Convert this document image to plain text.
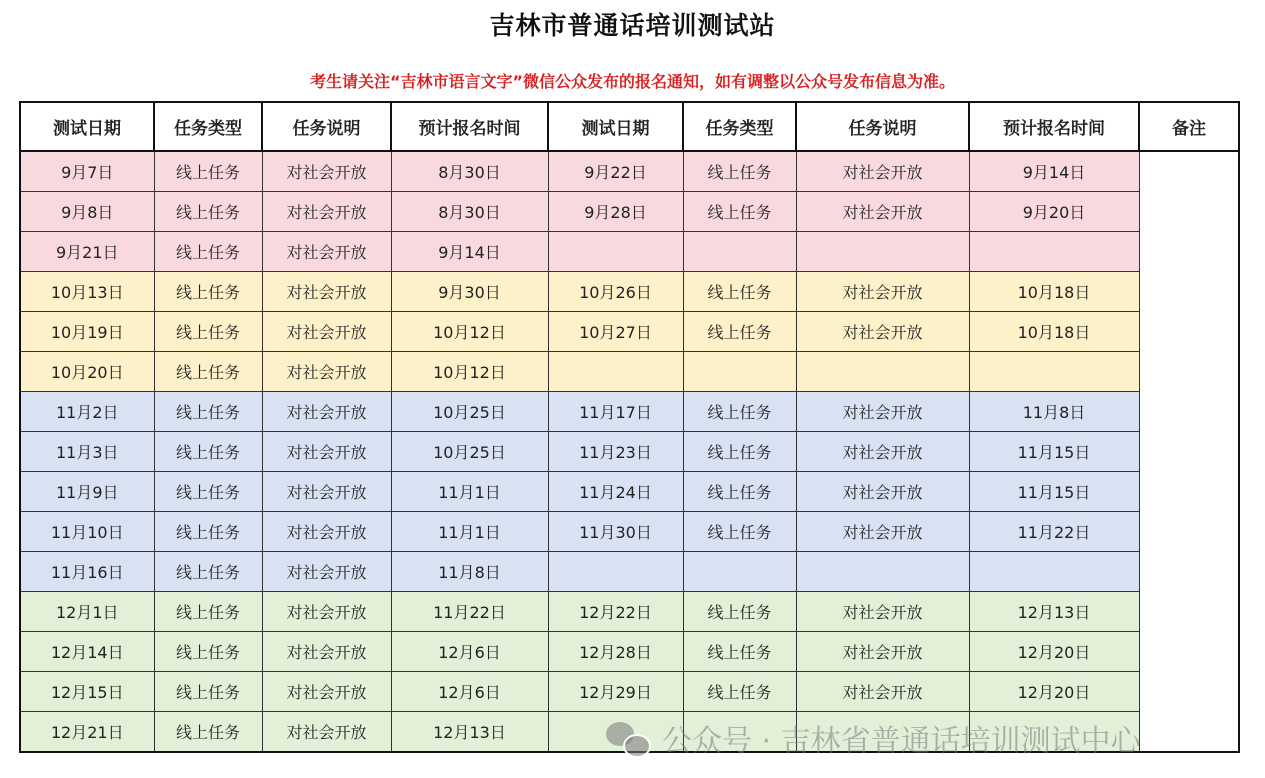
吉林市普通话培训测试站
考生请关注“吉林市语言文字”微信公众发布的报名通知，如有调整以公众号发布信息为准。
测试日期	任务类型	任务说明	预计报名时间	测试日期	任务类型	任务说明	预计报名时间	备注
9月7日	线上任务	对社会开放	8月30日	9月22日	线上任务	对社会开放	9月14日	
9月8日	线上任务	对社会开放	8月30日	9月28日	线上任务	对社会开放	9月20日	
9月21日	线上任务	对社会开放	9月14日					
10月13日	线上任务	对社会开放	9月30日	10月26日	线上任务	对社会开放	10月18日	
10月19日	线上任务	对社会开放	10月12日	10月27日	线上任务	对社会开放	10月18日	
10月20日	线上任务	对社会开放	10月12日					
11月2日	线上任务	对社会开放	10月25日	11月17日	线上任务	对社会开放	11月8日	
11月3日	线上任务	对社会开放	10月25日	11月23日	线上任务	对社会开放	11月15日	
11月9日	线上任务	对社会开放	11月1日	11月24日	线上任务	对社会开放	11月15日	
11月10日	线上任务	对社会开放	11月1日	11月30日	线上任务	对社会开放	11月22日	
11月16日	线上任务	对社会开放	11月8日					
12月1日	线上任务	对社会开放	11月22日	12月22日	线上任务	对社会开放	12月13日	
12月14日	线上任务	对社会开放	12月6日	12月28日	线上任务	对社会开放	12月20日	
12月15日	线上任务	对社会开放	12月6日	12月29日	线上任务	对社会开放	12月20日	
12月21日	线上任务	对社会开放	12月13日						公众号 · 吉林省普通话培训测试中心
